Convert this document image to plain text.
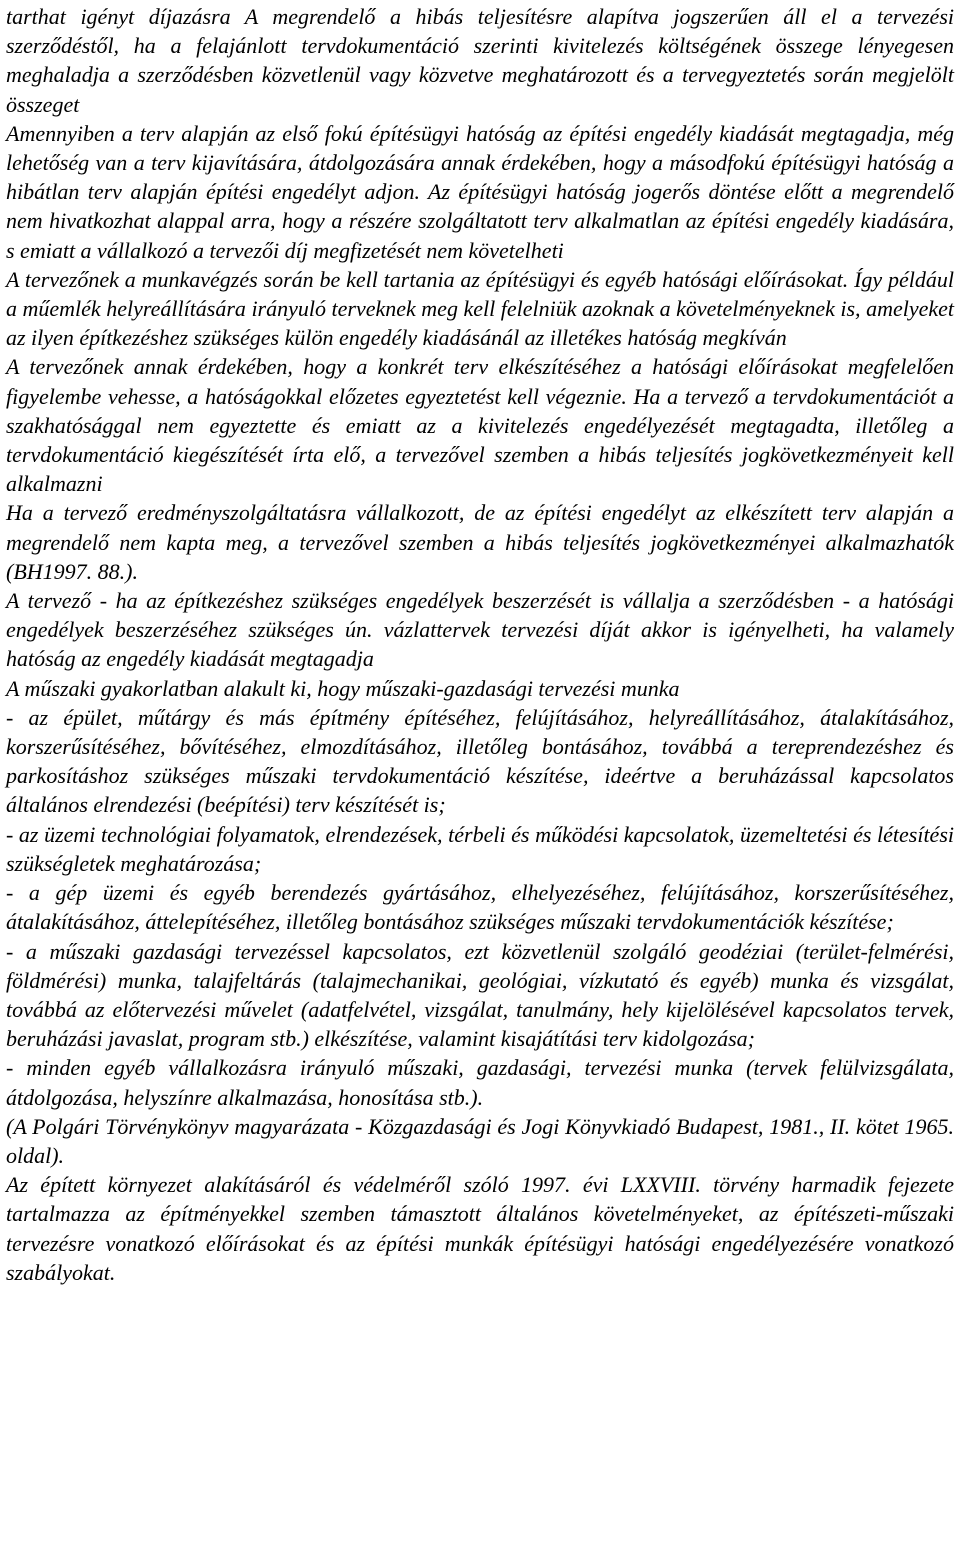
tarthat igényt díjazásra A megrendelő a hibás teljesítésre alapítva jogszerűen áll el a tervezési szerződéstől, ha a felajánlott tervdokumentáció szerinti kivitelezés költségének összege lényegesen meghaladja a szerződésben közvetlenül vagy közvetve meghatározott és a tervegyeztetés során megjelölt összeget

Amennyiben a terv alapján az első fokú építésügyi hatóság az építési engedély kiadását megtagadja, még lehetőség van a terv kijavítására, átdolgozására annak érdekében, hogy a másodfokú építésügyi hatóság a hibátlan terv alapján építési engedélyt adjon. Az építésügyi hatóság jogerős döntése előtt a megrendelő nem hivatkozhat alappal arra, hogy a részére szolgáltatott terv alkalmatlan az építési engedély kiadására, s emiatt a vállalkozó a tervezői díj megfizetését nem követelheti

A tervezőnek a munkavégzés során be kell tartania az építésügyi és egyéb hatósági előírásokat. Így például a műemlék helyreállítására irányuló terveknek meg kell felelniük azoknak a követelményeknek is, amelyeket az ilyen építkezéshez szükséges külön engedély kiadásánál az illetékes hatóság megkíván

A tervezőnek annak érdekében, hogy a konkrét terv elkészítéséhez a hatósági előírásokat megfelelően figyelembe vehesse, a hatóságokkal előzetes egyeztetést kell végeznie. Ha a tervező a tervdokumentációt a szakhatósággal nem egyeztette és emiatt az a kivitelezés engedélyezését megtagadta, illetőleg a tervdokumentáció kiegészítését írta elő, a tervezővel szemben a hibás teljesítés jogkövetkezményeit kell alkalmazni

Ha a tervező eredményszolgáltatásra vállalkozott, de az építési engedélyt az elkészített terv alapján a megrendelő nem kapta meg, a tervezővel szemben a hibás teljesítés jogkövetkezményei alkalmazhatók (BH1997. 88.).

A tervező - ha az építkezéshez szükséges engedélyek beszerzését is vállalja a szerződésben - a hatósági engedélyek beszerzéséhez szükséges ún. vázlattervek tervezési díját akkor is igényelheti, ha valamely hatóság az engedély kiadását megtagadja

A műszaki gyakorlatban alakult ki, hogy műszaki-gazdasági tervezési munka

- az épület, műtárgy és más építmény építéséhez, felújításához, helyreállításához, átalakításához, korszerűsítéséhez, bővítéséhez, elmozdításához, illetőleg bontásához, továbbá a tereprendezéshez és parkosításhoz szükséges műszaki tervdokumentáció készítése, ideértve a beruházással kapcsolatos általános elrendezési (beépítési) terv készítését is;

- az üzemi technológiai folyamatok, elrendezések, térbeli és működési kapcsolatok, üzemeltetési és létesítési szükségletek meghatározása;

- a gép üzemi és egyéb berendezés gyártásához, elhelyezéséhez, felújításához, korszerűsítéséhez, átalakításához, áttelepítéséhez, illetőleg bontásához szükséges műszaki tervdokumentációk készítése;

- a műszaki gazdasági tervezéssel kapcsolatos, ezt közvetlenül szolgáló geodéziai (terület-felmérési, földmérési) munka, talajfeltárás (talajmechanikai, geológiai, vízkutató és egyéb) munka és vizsgálat, továbbá az előtervezési művelet (adatfelvétel, vizsgálat, tanulmány, hely kijelölésével kapcsolatos tervek, beruházási javaslat, program stb.) elkészítése, valamint kisajátítási terv kidolgozása;

- minden egyéb vállalkozásra irányuló műszaki, gazdasági, tervezési munka (tervek felülvizsgálata, átdolgozása, helyszínre alkalmazása, honosítása stb.).

(A Polgári Törvénykönyv magyarázata - Közgazdasági és Jogi Könyvkiadó Budapest, 1981., II. kötet 1965. oldal).

Az épített környezet alakításáról és védelméről szóló 1997. évi LXXVIII. törvény harmadik fejezete tartalmazza az építményekkel szemben támasztott általános követelményeket, az építészeti-műszaki tervezésre vonatkozó előírásokat és az építési munkák építésügyi hatósági engedélyezésére vonatkozó szabályokat.
